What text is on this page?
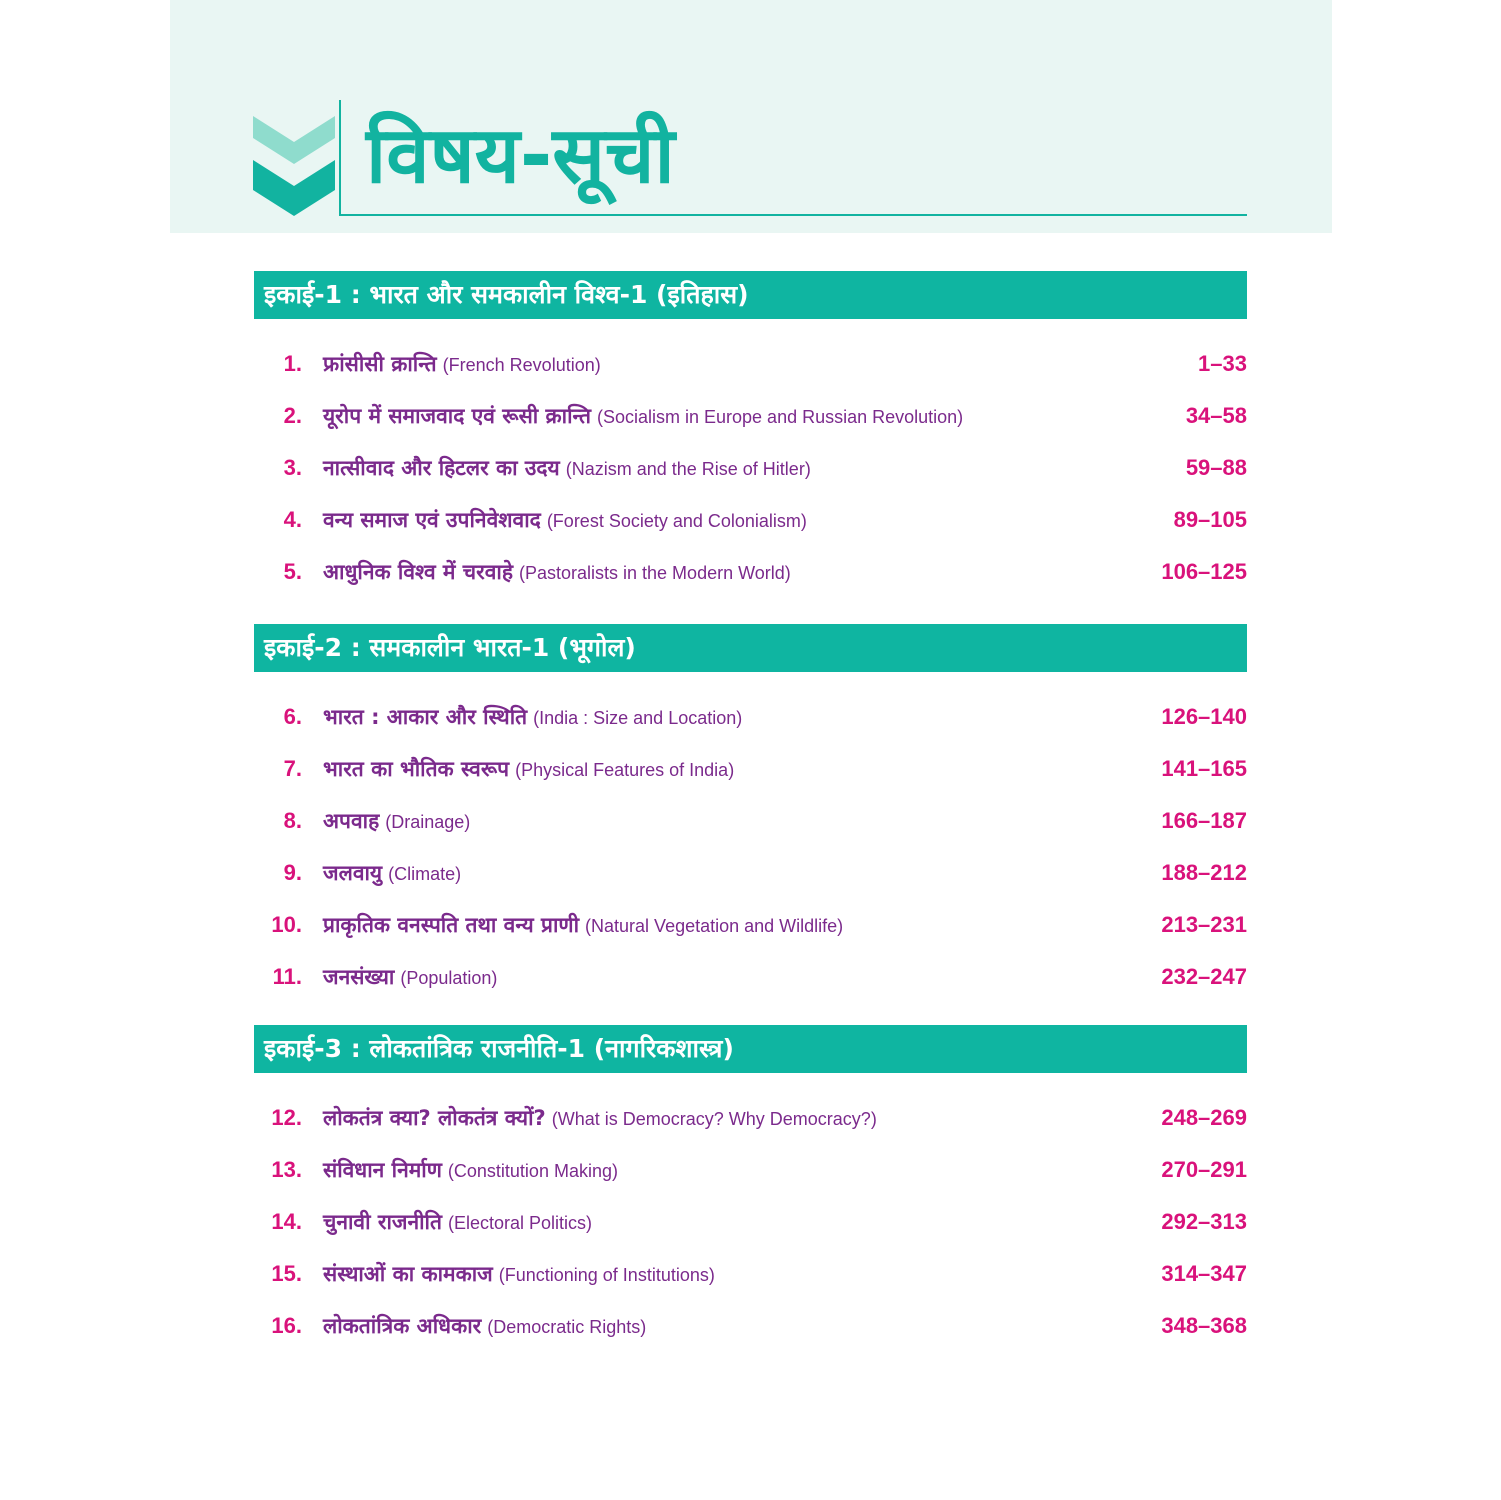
विषय-सूची
इकाई-1 : भारत और समकालीन विश्व-1 (इतिहास)
1. फ्रांसीसी क्रान्ति (French Revolution)	1–33
2. यूरोप में समाजवाद एवं रूसी क्रान्ति (Socialism in Europe and Russian Revolution)	34–58
3. नात्सीवाद और हिटलर का उदय (Nazism and the Rise of Hitler)	59–88
4. वन्य समाज एवं उपनिवेशवाद (Forest Society and Colonialism)	89–105
5. आधुनिक विश्व में चरवाहे (Pastoralists in the Modern World)	106–125
इकाई-2 : समकालीन भारत-1 (भूगोल)
6. भारत : आकार और स्थिति (India : Size and Location)	126–140
7. भारत का भौतिक स्वरूप (Physical Features of India)	141–165
8. अपवाह (Drainage)	166–187
9. जलवायु (Climate)	188–212
10. प्राकृतिक वनस्पति तथा वन्य प्राणी (Natural Vegetation and Wildlife)	213–231
11. जनसंख्या (Population)	232–247
इकाई-3 : लोकतांत्रिक राजनीति-1 (नागरिकशास्त्र)
12. लोकतंत्र क्या? लोकतंत्र क्यों? (What is Democracy? Why Democracy?)	248–269
13. संविधान निर्माण (Constitution Making)	270–291
14. चुनावी राजनीति (Electoral Politics)	292–313
15. संस्थाओं का कामकाज (Functioning of Institutions)	314–347
16. लोकतांत्रिक अधिकार (Democratic Rights)	348–368
